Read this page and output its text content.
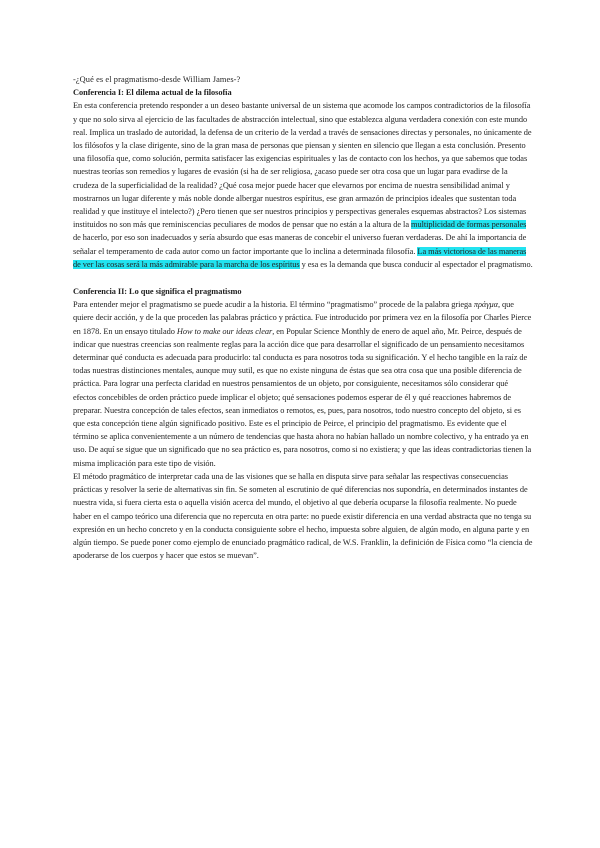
-¿Qué es el pragmatismo-desde William James-?

Conferencia I: El dilema actual de la filosofía

En esta conferencia pretendo responder a un deseo bastante universal de un sistema que acomode los campos contradictorios de la filosofía y que no solo sirva al ejercicio de las facultades de abstracción intelectual, sino que establezca alguna verdadera conexión con este mundo real. Implica un traslado de autoridad, la defensa de un criterio de la verdad a través de sensaciones directas y personales, no únicamente de los filósofos y la clase dirigente, sino de la gran masa de personas que piensan y sienten en silencio que llegan a esta conclusión. Presento una filosofía que, como solución, permita satisfacer las exigencias espirituales y las de contacto con los hechos, ya que sabemos que todas nuestras teorías son remedios y lugares de evasión (si ha de ser religiosa, ¿acaso puede ser otra cosa que un lugar para evadirse de la crudeza de la superficialidad de la realidad? ¿Qué cosa mejor puede hacer que elevarnos por encima de nuestra sensibilidad animal y mostrarnos un lugar diferente y más noble donde albergar nuestros espíritus, ese gran armazón de principios ideales que sustentan toda realidad y que instituye el intelecto?) ¿Pero tienen que ser nuestros principios y perspectivas generales esquemas abstractos? Los sistemas instituidos no son más que reminiscencias peculiares de modos de pensar que no están a la altura de la multiplicidad de formas personales de hacerlo, por eso son inadecuados y sería absurdo que esas maneras de concebir el universo fueran verdaderas. De ahí la importancia de señalar el temperamento de cada autor como un factor importante que lo inclina a determinada filosofía. La más victoriosa de las maneras de ver las cosas será la más admirable para la marcha de los espíritus y esa es la demanda que busca conducir al espectador el pragmatismo.

Conferencia II: Lo que significa el pragmatismo

Para entender mejor el pragmatismo se puede acudir a la historia. El término “pragmatismo” procede de la palabra griega πράγμα, que quiere decir acción, y de la que proceden las palabras práctico y práctica. Fue introducido por primera vez en la filosofía por Charles Pierce en 1878. En un ensayo titulado How to make our ideas clear, en Popular Science Monthly de enero de aquel año, Mr. Peirce, después de indicar que nuestras creencias son realmente reglas para la acción dice que para desarrollar el significado de un pensamiento necesitamos determinar qué conducta es adecuada para producirlo: tal conducta es para nosotros toda su significación. Y el hecho tangible en la raíz de todas nuestras distinciones mentales, aunque muy sutil, es que no existe ninguna de éstas que sea otra cosa que una posible diferencia de práctica. Para lograr una perfecta claridad en nuestros pensamientos de un objeto, por consiguiente, necesitamos sólo considerar qué efectos concebibles de orden práctico puede implicar el objeto; qué sensaciones podemos esperar de él y qué reacciones habremos de preparar. Nuestra concepción de tales efectos, sean inmediatos o remotos, es, pues, para nosotros, todo nuestro concepto del objeto, si es que esta concepción tiene algún significado positivo. Este es el principio de Peirce, el principio del pragmatismo. Es evidente que el término se aplica convenientemente a un número de tendencias que hasta ahora no habían hallado un nombre colectivo, y ha entrado ya en uso. De aquí se sigue que un significado que no sea práctico es, para nosotros, como si no existiera; y que las ideas contradictorias tienen la misma implicación para este tipo de visión.

El método pragmático de interpretar cada una de las visiones que se halla en disputa sirve para señalar las respectivas consecuencias prácticas y resolver la serie de alternativas sin fin. Se someten al escrutinio de qué diferencias nos supondría, en determinados instantes de nuestra vida, si fuera cierta esta o aquella visión acerca del mundo, el objetivo al que debería ocuparse la filosofía realmente. No puede haber en el campo teórico una diferencia que no repercuta en otra parte: no puede existir diferencia en una verdad abstracta que no tenga su expresión en un hecho concreto y en la conducta consiguiente sobre el hecho, impuesta sobre alguien, de algún modo, en alguna parte y en algún tiempo. Se puede poner como ejemplo de enunciado pragmático radical, de W.S. Franklin, la definición de Física como “la ciencia de apoderarse de los cuerpos y hacer que estos se muevan”.
